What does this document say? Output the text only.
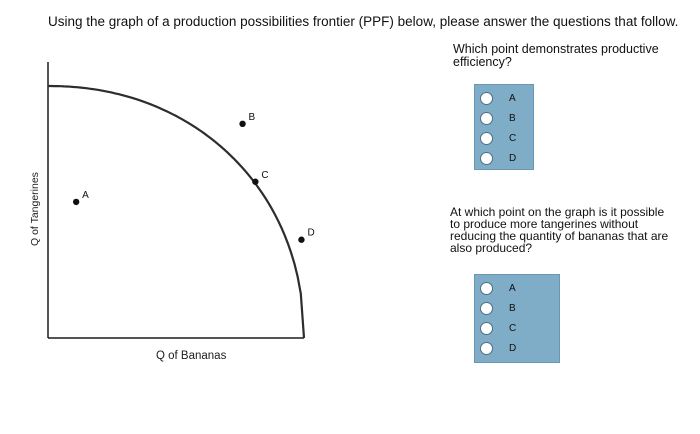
Using the graph of a production possibilities frontier (PPF) below, please answer the questions that follow.
A
B
C
D
Q of Bananas
Q of Tangerines
Which point demonstrates productive efficiency?
A
B
C
D
At which point on the graph is it possible to produce more tangerines without reducing the quantity of bananas that are also produced?
A
B
C
D
